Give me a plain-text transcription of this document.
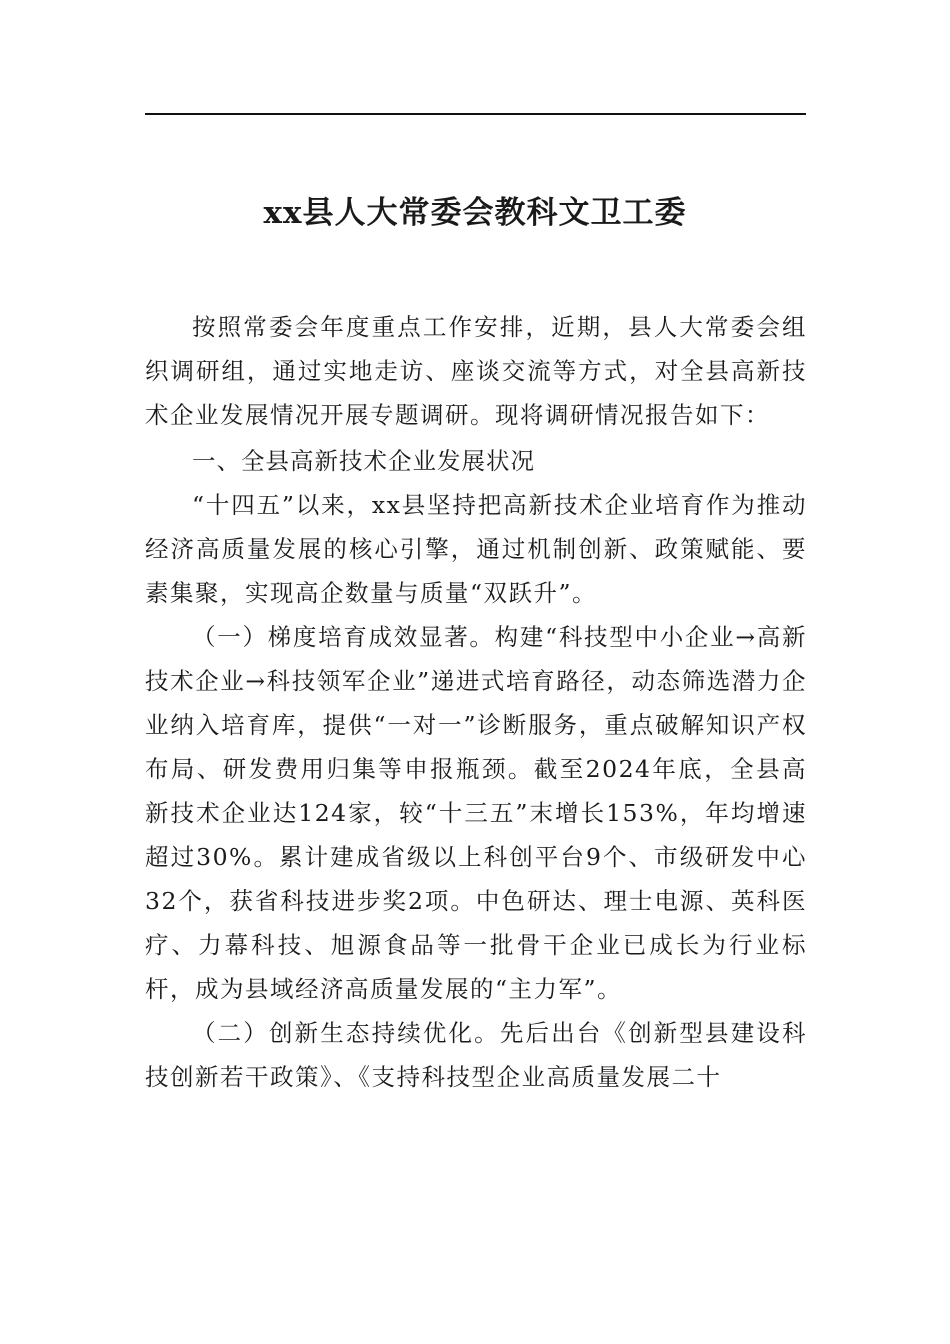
xx县人大常委会教科文卫工委

按照常委会年度重点工作安排，近期，县人大常委会组织调研组，通过实地走访、座谈交流等方式，对全县高新技术企业发展情况开展专题调研。现将调研情况报告如下：

一、全县高新技术企业发展状况

“十四五”以来，xx县坚持把高新技术企业培育作为推动经济高质量发展的核心引擎，通过机制创新、政策赋能、要素集聚，实现高企数量与质量“双跃升”。

（一）梯度培育成效显著。构建“科技型中小企业→高新技术企业→科技领军企业”递进式培育路径，动态筛选潜力企业纳入培育库，提供“一对一”诊断服务，重点破解知识产权布局、研发费用归集等申报瓶颈。截至2024年底，全县高新技术企业达124家，较“十三五”末增长153%，年均增速超过30%。累计建成省级以上科创平台9个、市级研发中心32个，获省科技进步奖2项。中色研达、理士电源、英科医疗、力幕科技、旭源食品等一批骨干企业已成长为行业标杆，成为县域经济高质量发展的“主力军”。

（二）创新生态持续优化。先后出台《创新型县建设科技创新若干政策》、《支持科技型企业高质量发展二十
